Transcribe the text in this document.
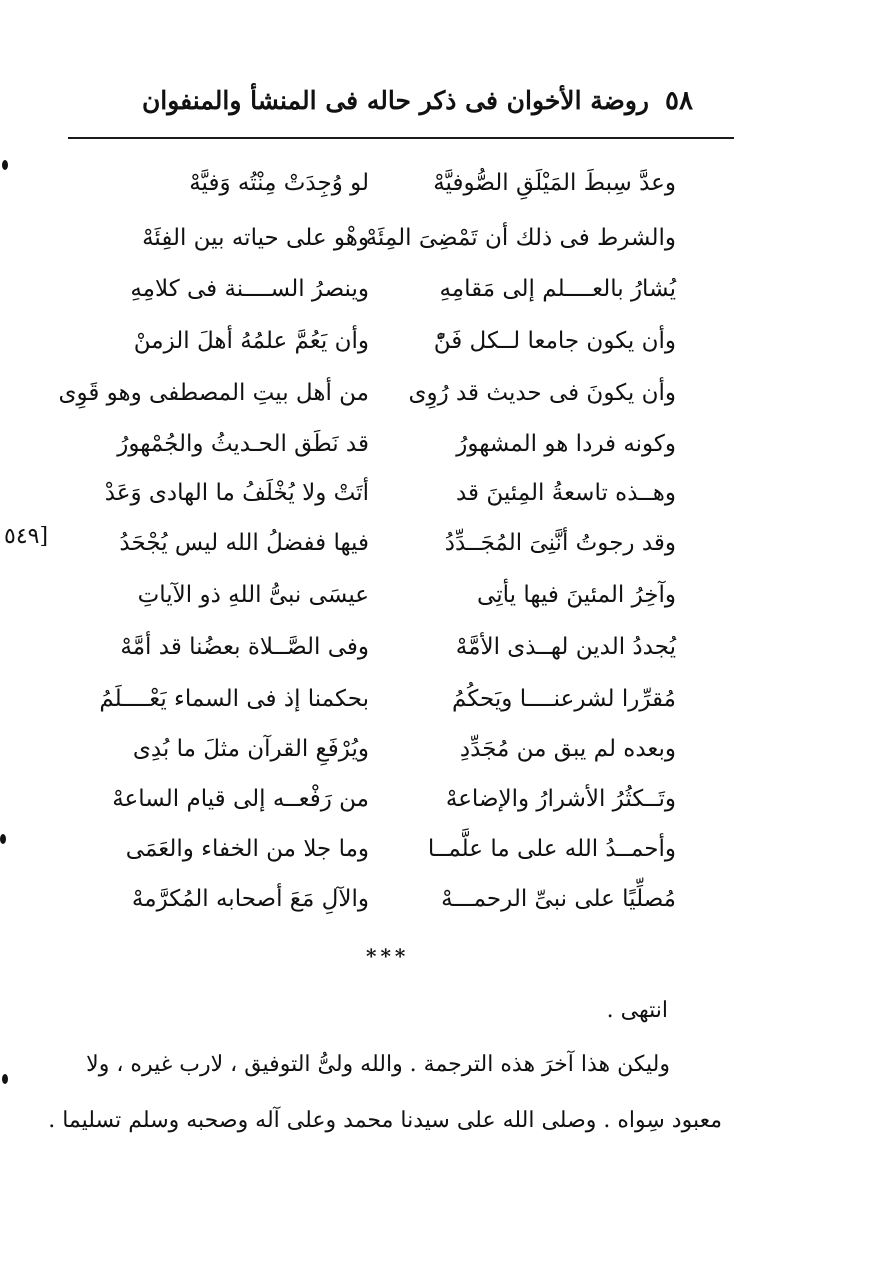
٥٨
روضة الأخوان فى ذكر حاله فى المنشأ والمنفوان
[٥٤٩
وعدَّ سِبطَ المَيْلَقِ الصُّوفيَّهْ
لو وُجِدَتْ مِنْتُه وَفيَّهْ
والشرط فى ذلك أن تَمْضِىَ المِئَهْ
وهْو على حياته بين الفِئَهْ
يُشارُ بالعــــلم إلى مَقامِهِ
وينصرُ الســــنة فى كلامِهِ
وأن يكون جامعا لــكل فَنّْ
وأن يَعُمَّ علمُهُ أهلَ الزمنْ
وأن يكونَ فى حديث قد رُوِى
من أهل بيتِ المصطفى وهو قَوِى
وكونه فردا هو المشهورُ
قد نَطَق الحـديثُ والجُمْهورُ
وهــذه تاسعةُ المِئينَ قد
أتَتْ ولا يُخْلَفُ ما الهادى وَعَدْ
وقد رجوتُ أنَّنِىَ المُجَــدِّدُ
فيها ففضلُ الله ليس يُجْحَدُ
وآخِرُ المئينَ فيها يأتِى
عيسَى نبىُّ اللهِ ذو الآياتِ
يُجددُ الدين لهــذى الأمَّهْ
وفى الصَّــلاة بعضُنا قد أمَّهْ
مُقرِّرا لشرعنــــا ويَحكُمُ
بحكمنا إذ فى السماء يَعْــــلَمُ
وبعده لم يبق من مُجَدِّدِ
ويُرْفَعِ القرآن مثلَ ما بُدِى
وتَــكثُرُ الأشرارُ والإضاعهْ
من رَفْعــه إلى قيام الساعهْ
وأحمــدُ الله على ما علَّمــا
وما جلا من الخفاء والعَمَى
مُصلِّيًا على نبىِّ الرحمـــهْ
والآلِ مَعَ أصحابه المُكرَّمهْ
***
انتهى .
وليكن هذا آخرَ هذه الترجمة . والله ولىُّ التوفيق ، لارب غيره ، ولا
معبود سِواه . وصلى الله على سيدنا محمد وعلى آله وصحبه وسلم تسليما .
